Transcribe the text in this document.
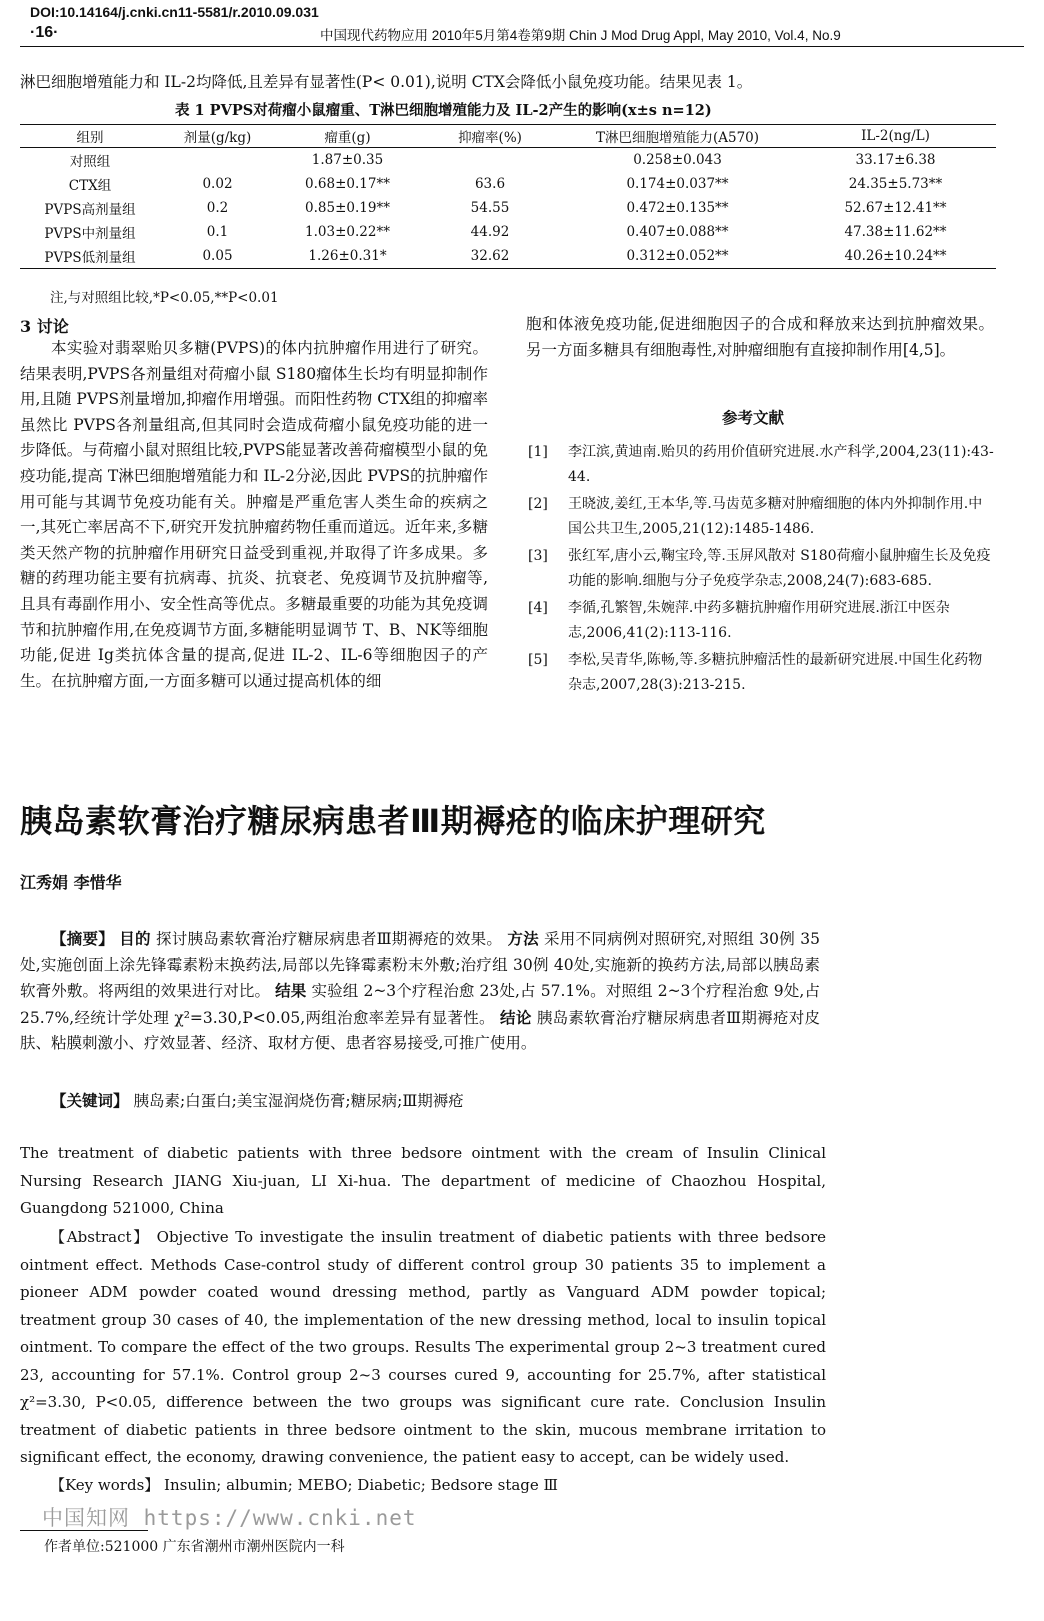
DOI:10.14164/j.cnki.cn11-5581/r.2010.09.031
·16·	中国现代药物应用 2010年5月第4卷第9期 Chin J Mod Drug Appl, May 2010, Vol.4, No.9
淋巴细胞增殖能力和 IL-2均降低,且差异有显著性(P< 0.01),说明 CTX会降低小鼠免疫功能。结果见表 1。
表 1 PVPS对荷瘤小鼠瘤重、T淋巴细胞增殖能力及 IL-2产生的影响(x±s n=12)
组别	剂量(g/kg)	瘤重(g)	抑瘤率(%)	T淋巴细胞增殖能力(A570)	IL-2(ng/L)
对照组		1.87±0.35		0.258±0.043	33.17±6.38
CTX组	0.02	0.68±0.17**	63.6	0.174±0.037**	24.35±5.73**
PVPS高剂量组	0.2	0.85±0.19**	54.55	0.472±0.135**	52.67±12.41**
PVPS中剂量组	0.1	1.03±0.22**	44.92	0.407±0.088**	47.38±11.62**
PVPS低剂量组	0.05	1.26±0.31*	32.62	0.312±0.052**	40.26±10.24**
注,与对照组比较,*P<0.05,**P<0.01
3 讨论
本实验对翡翠贻贝多糖(PVPS)的体内抗肿瘤作用进行了研究。结果表明,PVPS各剂量组对荷瘤小鼠 S180瘤体生长均有明显抑制作用,且随 PVPS剂量增加,抑瘤作用增强。而阳性药物 CTX组的抑瘤率虽然比 PVPS各剂量组高,但其同时会造成荷瘤小鼠免疫功能的进一步降低。与荷瘤小鼠对照组比较,PVPS能显著改善荷瘤模型小鼠的免疫功能,提高 T淋巴细胞增殖能力和 IL-2分泌,因此 PVPS的抗肿瘤作用可能与其调节免疫功能有关。肿瘤是严重危害人类生命的疾病之一,其死亡率居高不下,研究开发抗肿瘤药物任重而道远。近年来,多糖类天然产物的抗肿瘤作用研究日益受到重视,并取得了许多成果。多糖的药理功能主要有抗病毒、抗炎、抗衰老、免疫调节及抗肿瘤等,且具有毒副作用小、安全性高等优点。多糖最重要的功能为其免疫调节和抗肿瘤作用,在免疫调节方面,多糖能明显调节 T、B、NK等细胞功能,促进 Ig类抗体含量的提高,促进 IL-2、IL-6等细胞因子的产生。在抗肿瘤方面,一方面多糖可以通过提高机体的细
胞和体液免疫功能,促进细胞因子的合成和释放来达到抗肿瘤效果。另一方面多糖具有细胞毒性,对肿瘤细胞有直接抑制作用[4,5]。
参考文献
[1] 李江滨,黄迪南.贻贝的药用价值研究进展.水产科学,2004,23(11):43-44.
[2] 王晓波,姜红,王本华,等.马齿苋多糖对肿瘤细胞的体内外抑制作用.中国公共卫生,2005,21(12):1485-1486.
[3] 张红军,唐小云,鞠宝玲,等.玉屏风散对 S180荷瘤小鼠肿瘤生长及免疫功能的影响.细胞与分子免疫学杂志,2008,24(7):683-685.
[4] 李循,孔繁智,朱婉萍.中药多糖抗肿瘤作用研究进展.浙江中医杂志,2006,41(2):113-116.
[5] 李松,吴青华,陈畅,等.多糖抗肿瘤活性的最新研究进展.中国生化药物杂志,2007,28(3):213-215.
胰岛素软膏治疗糖尿病患者Ⅲ期褥疮的临床护理研究
江秀娟 李惜华
【摘要】 目的 探讨胰岛素软膏治疗糖尿病患者Ⅲ期褥疮的效果。 方法 采用不同病例对照研究,对照组 30例 35处,实施创面上涂先锋霉素粉末换药法,局部以先锋霉素粉末外敷;治疗组 30例 40处,实施新的换药方法,局部以胰岛素软膏外敷。将两组的效果进行对比。 结果 实验组 2~3个疗程治愈 23处,占 57.1%。对照组 2~3个疗程治愈 9处,占 25.7%,经统计学处理 χ²=3.30,P<0.05,两组治愈率差异有显著性。 结论 胰岛素软膏治疗糖尿病患者Ⅲ期褥疮对皮肤、粘膜刺激小、疗效显著、经济、取材方便、患者容易接受,可推广使用。
【关键词】 胰岛素;白蛋白;美宝湿润烧伤膏;糖尿病;Ⅲ期褥疮
The treatment of diabetic patients with three bedsore ointment with the cream of Insulin Clinical Nursing Research JIANG Xiu-juan, LI Xi-hua. The department of medicine of Chaozhou Hospital, Guangdong 521000, China
【Abstract】 Objective To investigate the insulin treatment of diabetic patients with three bedsore ointment effect. Methods Case-control study of different control group 30 patients 35 to implement a pioneer ADM powder coated wound dressing method, partly as Vanguard ADM powder topical; treatment group 30 cases of 40, the implementation of the new dressing method, local to insulin topical ointment. To compare the effect of the two groups. Results The experimental group 2~3 treatment cured 23, accounting for 57.1%. Control group 2~3 courses cured 9, accounting for 25.7%, after statistical χ²=3.30, P<0.05, difference between the two groups was significant cure rate. Conclusion Insulin treatment of diabetic patients in three bedsore ointment to the skin, mucous membrane irritation to significant effect, the economy, drawing convenience, the patient easy to accept, can be widely used.
【Key words】 Insulin; albumin; MEBO; Diabetic; Bedsore stage Ⅲ
中国知网 https://www.cnki.net
作者单位:521000 广东省潮州市潮州医院内一科
